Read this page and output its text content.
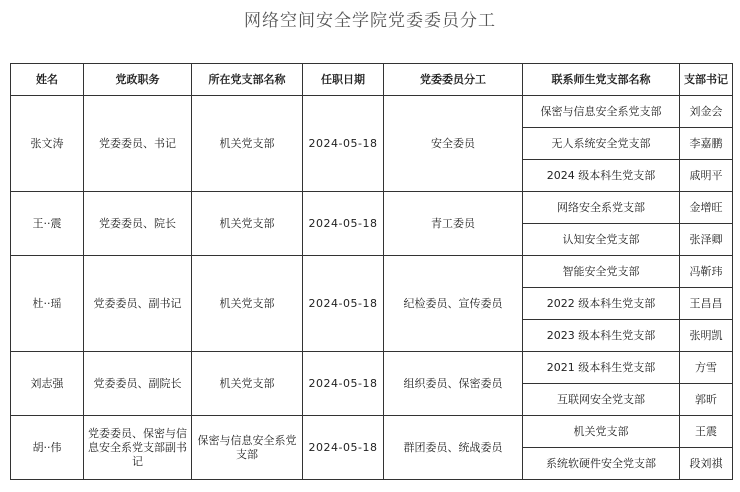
网络空间安全学院党委委员分工
姓名	党政职务	所在党支部名称	任职日期	党委委员分工	联系师生党支部名称	支部书记
张文涛	党委委员、书记	机关党支部	2024-05-18	安全委员	保密与信息安全系党支部	刘金会
					无人系统安全党支部	李嘉鹏
					2024 级本科生党支部	戚明平
王··震	党委委员、院长	机关党支部	2024-05-18	青工委员	网络安全系党支部	金增旺
					认知安全党支部	张泽卿
杜··瑶	党委委员、副书记	机关党支部	2024-05-18	纪检委员、宣传委员	智能安全党支部	冯靳玮
					2022 级本科生党支部	王昌昌
					2023 级本科生党支部	张明凯
刘志强	党委委员、副院长	机关党支部	2024-05-18	组织委员、保密委员	2021 级本科生党支部	方雪
					互联网安全党支部	郭昕
胡··伟	党委委员、保密与信息安全系党支部副书记	保密与信息安全系党支部	2024-05-18	群团委员、统战委员	机关党支部	王震
					系统软硬件安全党支部	段刘祺
